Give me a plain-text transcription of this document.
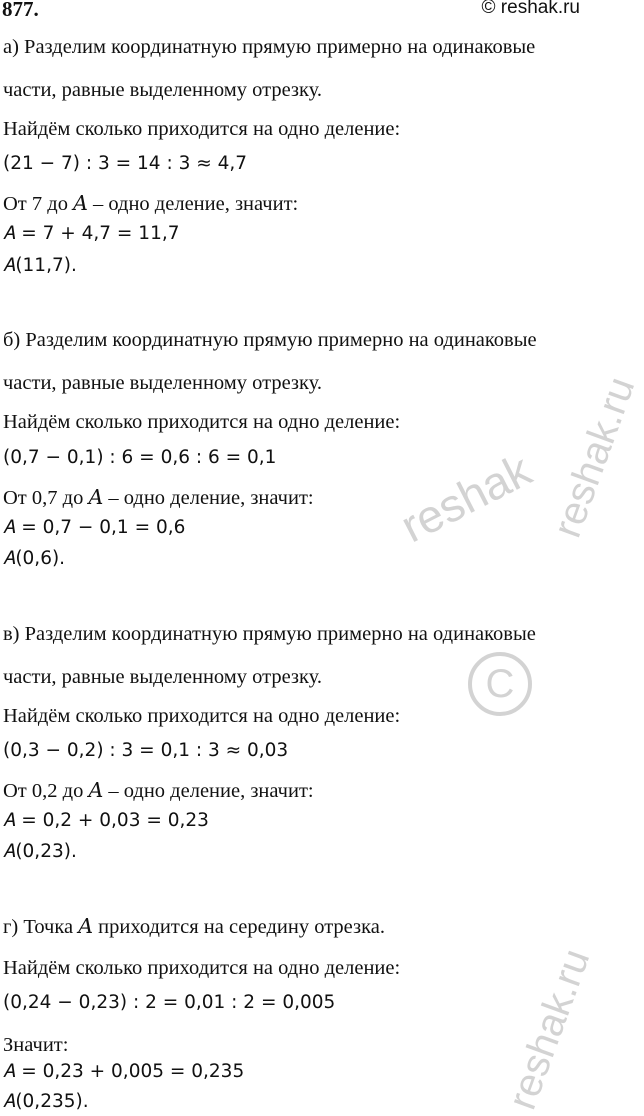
877.	© reshak.ru
а) Разделим координатную прямую примерно на одинаковые
части, равные выделенному отрезку.
Найдём сколько приходится на одно деление:
(21 − 7) : 3 = 14 : 3 ≈ 4,7
От 7 до 𝐴 – одно деление, значит:
𝐴 = 7 + 4,7 = 11,7
𝐴(11,7).
б) Разделим координатную прямую примерно на одинаковые
части, равные выделенному отрезку.
Найдём сколько приходится на одно деление:
(0,7 − 0,1) : 6 = 0,6 : 6 = 0,1
От 0,7 до 𝐴 – одно деление, значит:
𝐴 = 0,7 − 0,1 = 0,6
𝐴(0,6).
в) Разделим координатную прямую примерно на одинаковые
части, равные выделенному отрезку.
Найдём сколько приходится на одно деление:
(0,3 − 0,2) : 3 = 0,1 : 3 ≈ 0,03
От 0,2 до 𝐴 – одно деление, значит:
𝐴 = 0,2 + 0,03 = 0,23
𝐴(0,23).
г) Точка 𝐴 приходится на середину отрезка.
Найдём сколько приходится на одно деление:
(0,24 − 0,23) : 2 = 0,01 : 2 = 0,005
Значит:
𝐴 = 0,23 + 0,005 = 0,235
𝐴(0,235).
reshak reshak.ru
C
reshak.ru
